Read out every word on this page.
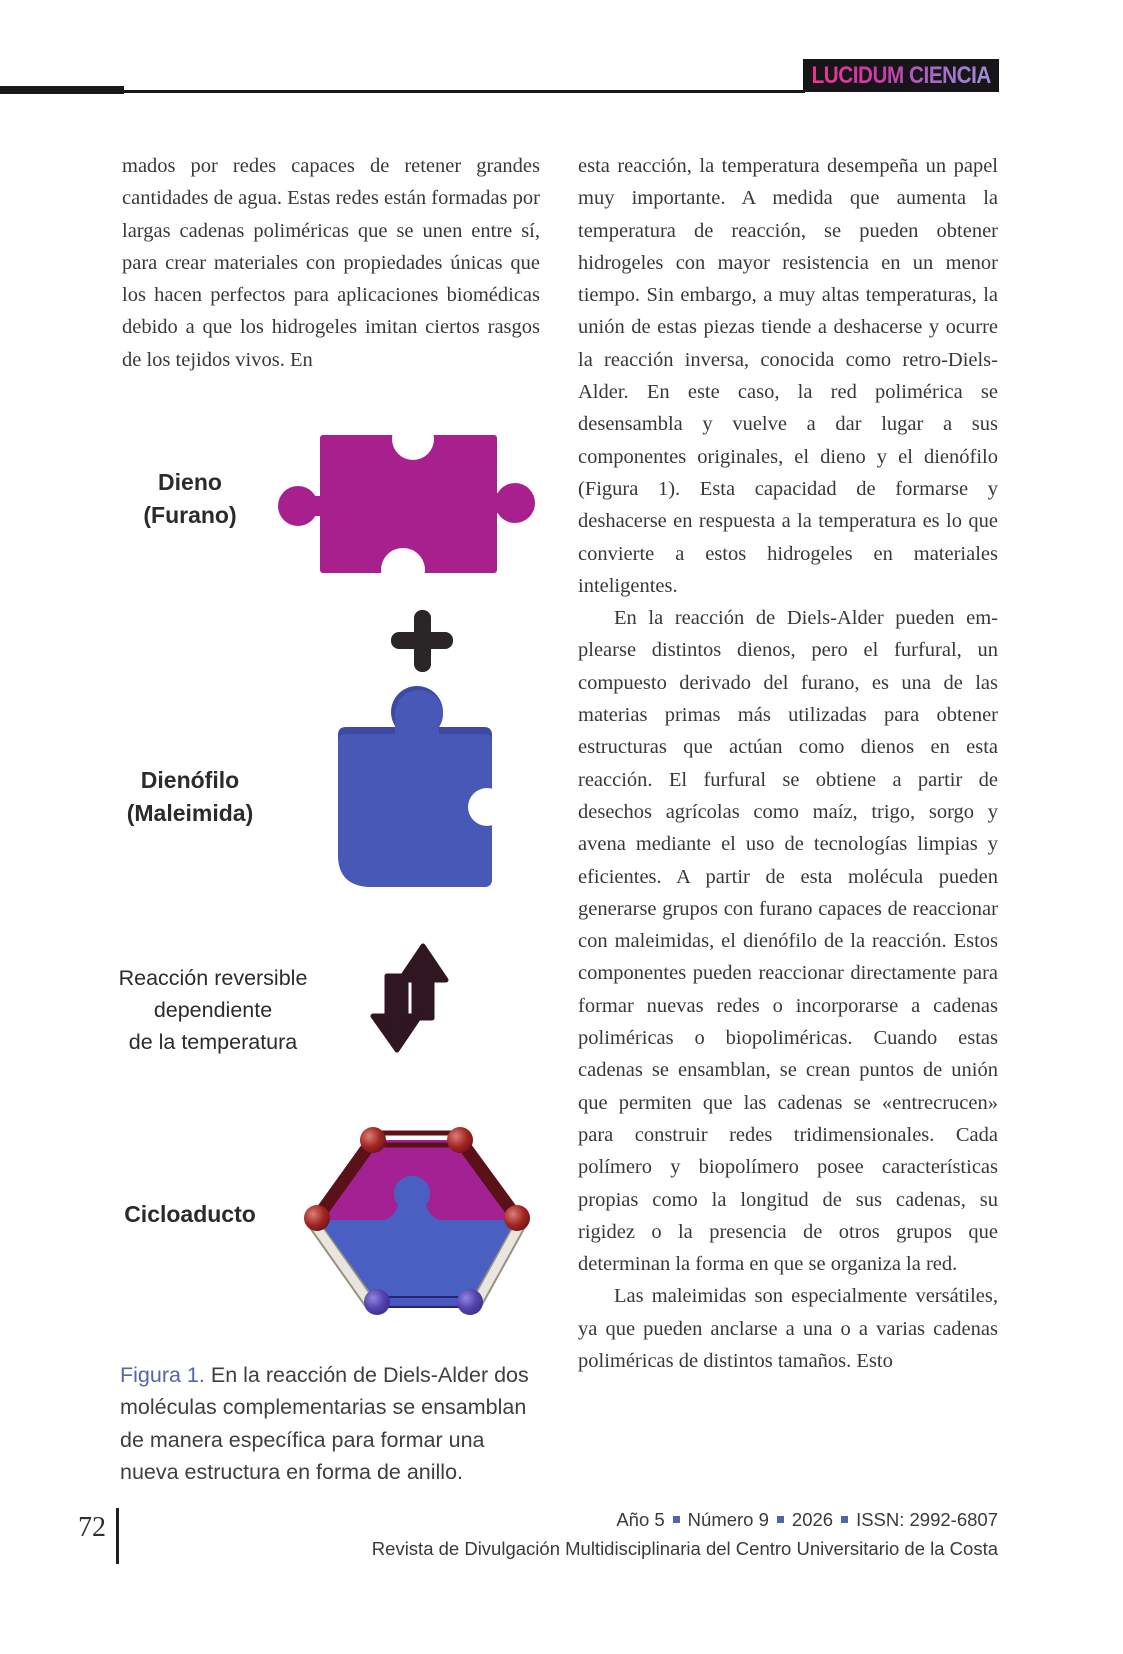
LUCIDUM CIENCIA

mados por redes capaces de retener grandes cantidades de agua. Estas redes están formadas por largas cadenas poliméricas que se unen entre sí, para crear materiales con propiedades únicas que los hacen perfectos para aplicaciones biomédicas debido a que los hidrogeles imitan ciertos rasgos de los tejidos vivos. En

esta reacción, la temperatura desempeña un papel muy importante. A medida que aumenta la temperatura de reacción, se pueden obtener hidrogeles con mayor resistencia en un menor tiempo. Sin embargo, a muy altas temperaturas, la unión de estas piezas tiende a deshacerse y ocurre la reacción inversa, conocida como retro-Diels-Alder. En este caso, la red polimérica se desensambla y vuelve a dar lugar a sus componentes originales, el dieno y el dienófilo (Figura 1). Esta capacidad de formarse y deshacerse en respuesta a la temperatura es lo que convierte a estos hidrogeles en materiales inteligentes.

En la reacción de Diels-Alder pueden emplearse distintos dienos, pero el furfural, un compuesto derivado del furano, es una de las materias primas más utilizadas para obtener estructuras que actúan como dienos en esta reacción. El furfural se obtiene a partir de desechos agrícolas como maíz, trigo, sorgo y avena mediante el uso de tecnologías limpias y eficientes. A partir de esta molécula pueden generarse grupos con furano capaces de reaccionar con maleimidas, el dienófilo de la reacción. Estos componentes pueden reaccionar directamente para formar nuevas redes o incorporarse a cadenas poliméricas o biopoliméricas. Cuando estas cadenas se ensamblan, se crean puntos de unión que permiten que las cadenas se «entrecrucen» para construir redes tridimensionales. Cada polímero y biopolímero posee características propias como la longitud de sus cadenas, su rigidez o la presencia de otros grupos que determinan la forma en que se organiza la red.

Las maleimidas son especialmente versátiles, ya que pueden anclarse a una o a varias cadenas poliméricas de distintos tamaños. Esto

Dieno
(Furano)
Dienófilo
(Maleimida)
Reacción reversible
dependiente
de la temperatura
Cicloaducto

Figura 1. En la reacción de Diels-Alder dos moléculas complementarias se ensamblan de manera específica para formar una nueva estructura en forma de anillo.

72	Año 5 Número 9 2026 ISSN: 2992-6807
Revista de Divulgación Multidisciplinaria del Centro Universitario de la Costa
